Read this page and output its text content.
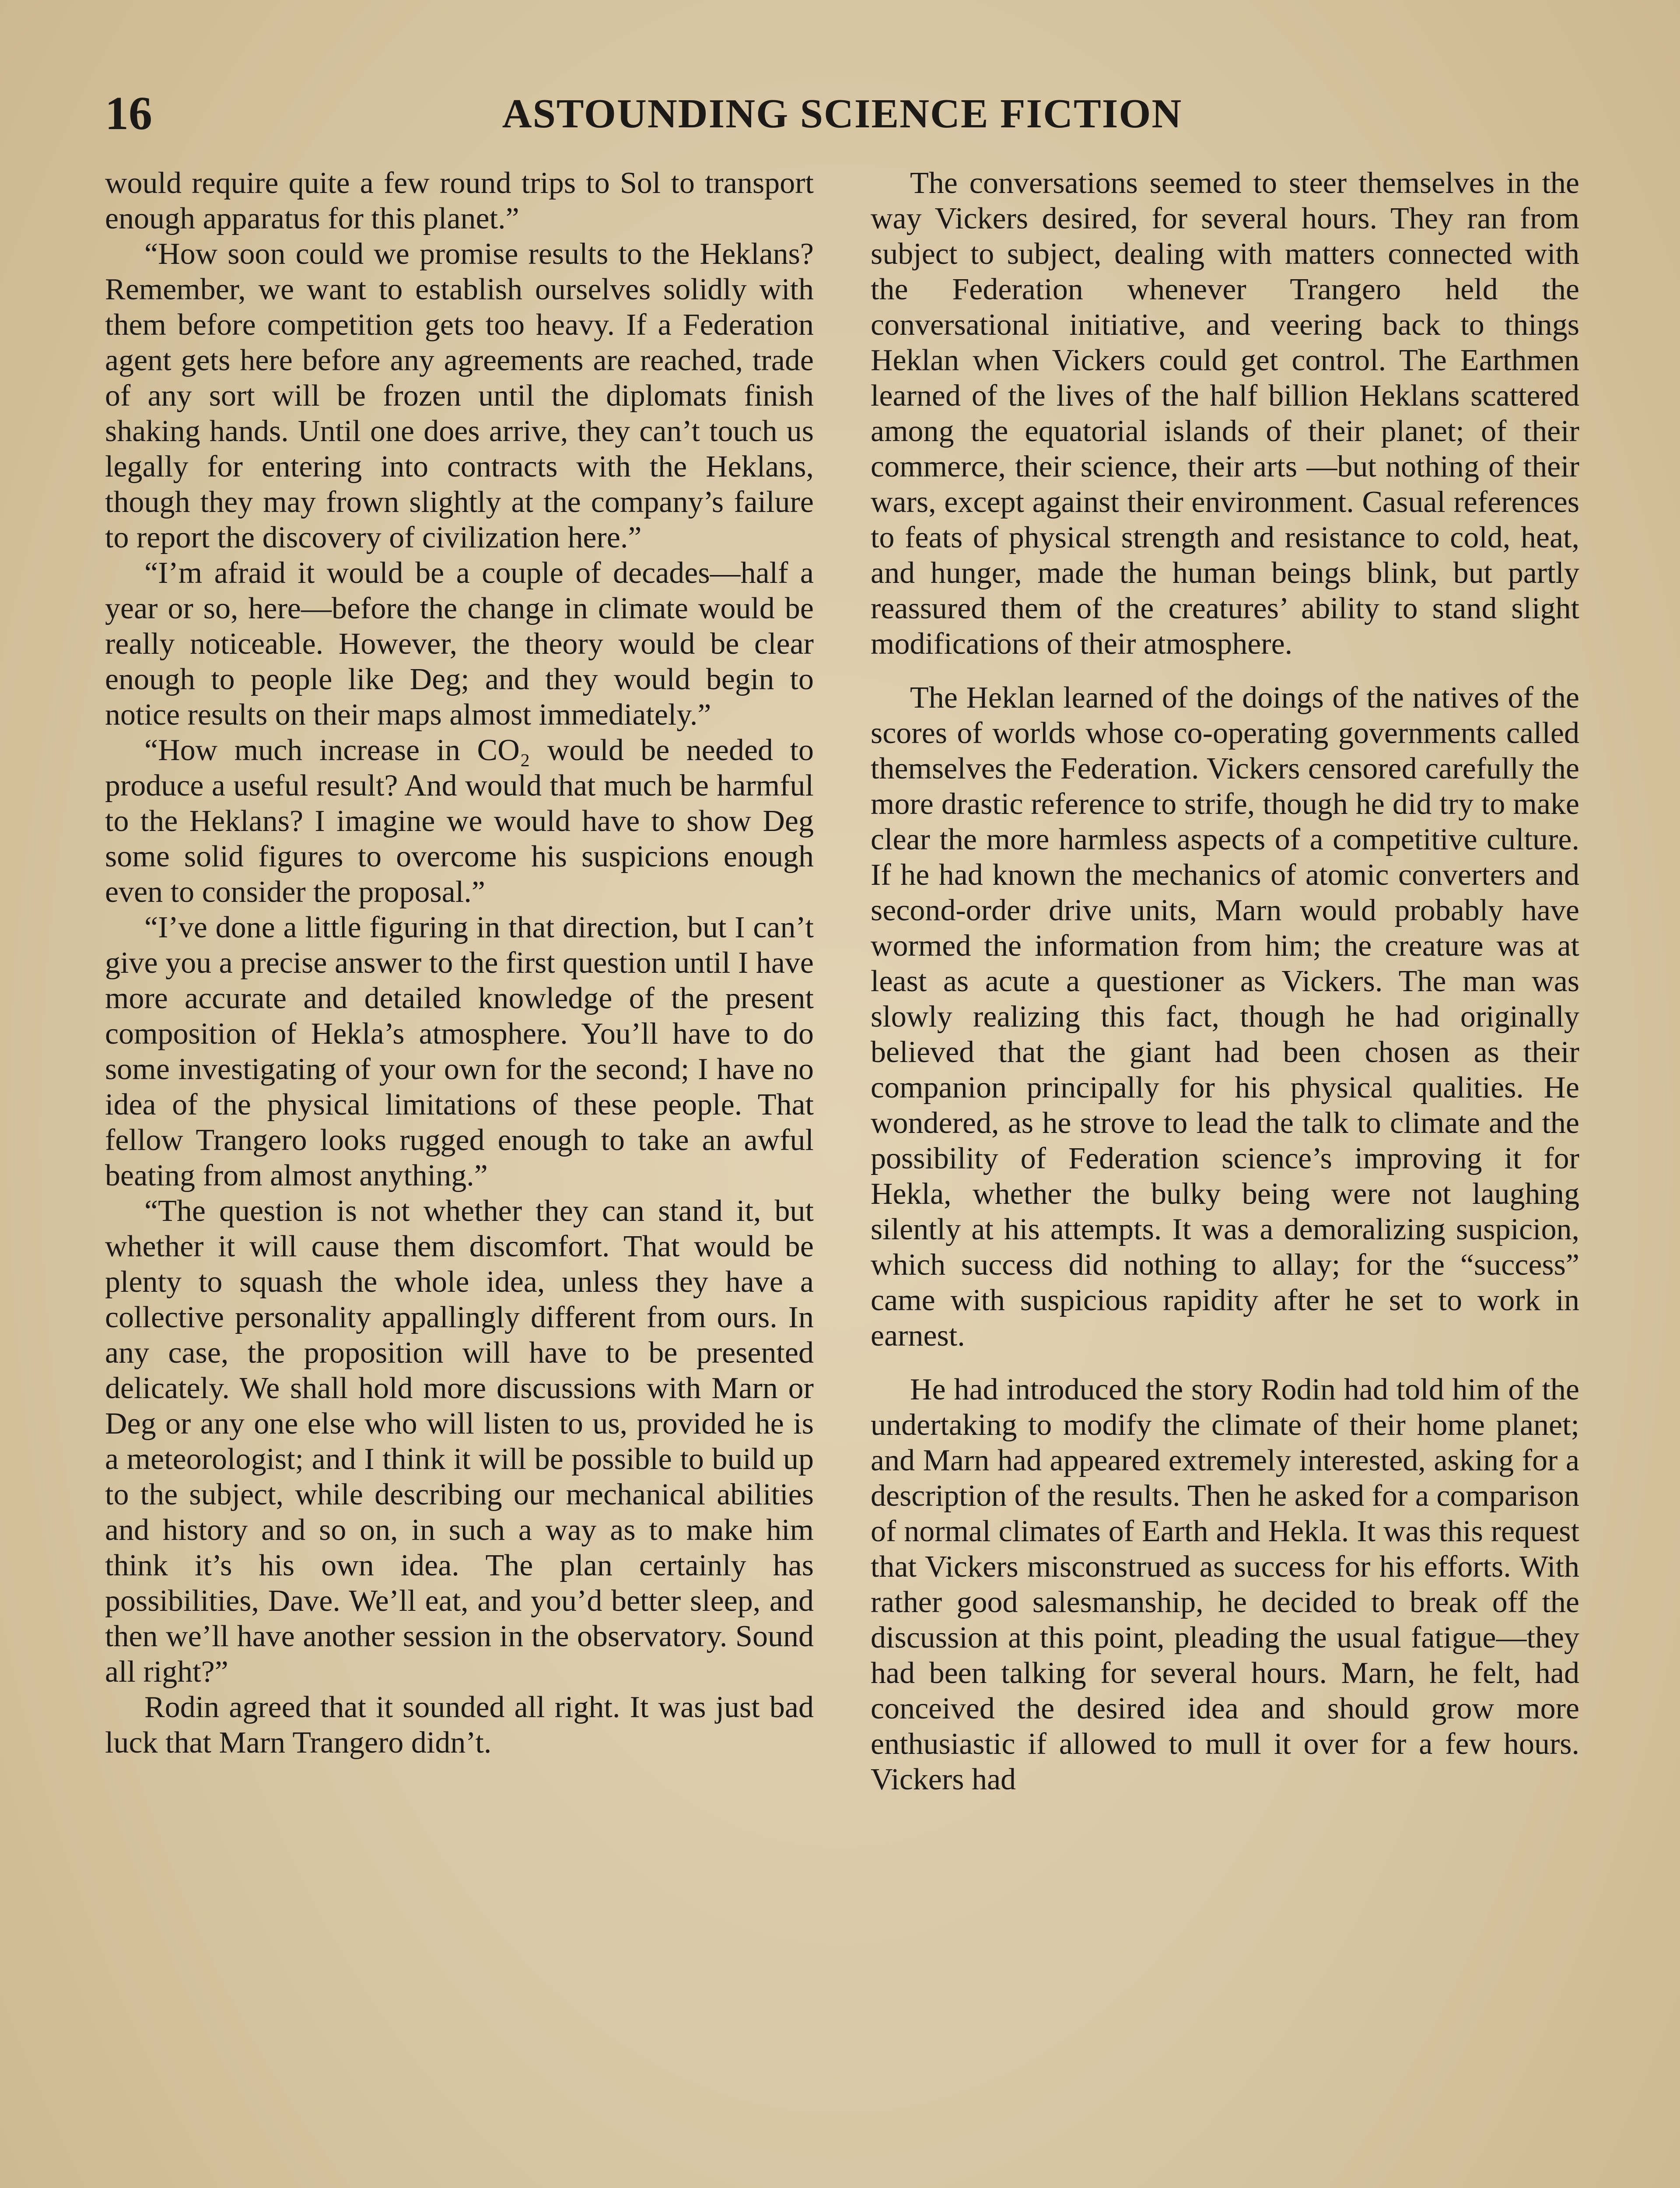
16	ASTOUNDING SCIENCE FICTION

would require quite a few round trips to Sol to transport enough apparatus for this planet.”

“How soon could we promise results to the Heklans? Remember, we want to establish ourselves solidly with them before competition gets too heavy. If a Federation agent gets here before any agreements are reached, trade of any sort will be frozen until the diplomats finish shaking hands. Until one does arrive, they can’t touch us legally for entering into contracts with the Heklans, though they may frown slightly at the company’s failure to report the discovery of civilization here.”

“I’m afraid it would be a couple of decades—half a year or so, here—before the change in climate would be really noticeable. However, the theory would be clear enough to people like Deg; and they would begin to notice results on their maps almost immediately.”

“How much increase in CO₂ would be needed to produce a useful result? And would that much be harmful to the Heklans? I imagine we would have to show Deg some solid figures to overcome his suspicions enough even to consider the proposal.”

“I’ve done a little figuring in that direction, but I can’t give you a precise answer to the first question until I have more accurate and detailed knowledge of the present composition of Hekla’s atmosphere. You’ll have to do some investigating of your own for the second; I have no idea of the physical limitations of these people. That fellow Trangero looks rugged enough to take an awful beating from almost anything.”

“The question is not whether they can stand it, but whether it will cause them discomfort. That would be plenty to squash the whole idea, unless they have a collective personality appallingly different from ours. In any case, the proposition will have to be presented delicately. We shall hold more discussions with Marn or Deg or any one else who will listen to us, provided he is a meteorologist; and I think it will be possible to build up to the subject, while describing our mechanical abilities and history and so on, in such a way as to make him think it’s his own idea. The plan certainly has possibilities, Dave. We’ll eat, and you’d better sleep, and then we’ll have another session in the observatory. Sound all right?”

Rodin agreed that it sounded all right. It was just bad luck that Marn Trangero didn’t.

The conversations seemed to steer themselves in the way Vickers desired, for several hours. They ran from subject to subject, dealing with matters connected with the Federation whenever Trangero held the conversational initiative, and veering back to things Heklan when Vickers could get control. The Earthmen learned of the lives of the half billion Heklans scattered among the equatorial islands of their planet; of their commerce, their science, their arts —but nothing of their wars, except against their environment. Casual references to feats of physical strength and resistance to cold, heat, and hunger, made the human beings blink, but partly reassured them of the creatures’ ability to stand slight modifications of their atmosphere.

The Heklan learned of the doings of the natives of the scores of worlds whose co-operating governments called themselves the Federation. Vickers censored carefully the more drastic reference to strife, though he did try to make clear the more harmless aspects of a competitive culture. If he had known the mechanics of atomic converters and second-order drive units, Marn would probably have wormed the information from him; the creature was at least as acute a questioner as Vickers. The man was slowly realizing this fact, though he had originally believed that the giant had been chosen as their companion principally for his physical qualities. He wondered, as he strove to lead the talk to climate and the possibility of Federation science’s improving it for Hekla, whether the bulky being were not laughing silently at his attempts. It was a demoralizing suspicion, which success did nothing to allay; for the “success” came with suspicious rapidity after he set to work in earnest.

He had introduced the story Rodin had told him of the undertaking to modify the climate of their home planet; and Marn had appeared extremely interested, asking for a description of the results. Then he asked for a comparison of normal climates of Earth and Hekla. It was this request that Vickers misconstrued as success for his efforts. With rather good salesmanship, he decided to break off the discussion at this point, pleading the usual fatigue—they had been talking for several hours. Marn, he felt, had conceived the desired idea and should grow more enthusiastic if allowed to mull it over for a few hours. Vickers had
